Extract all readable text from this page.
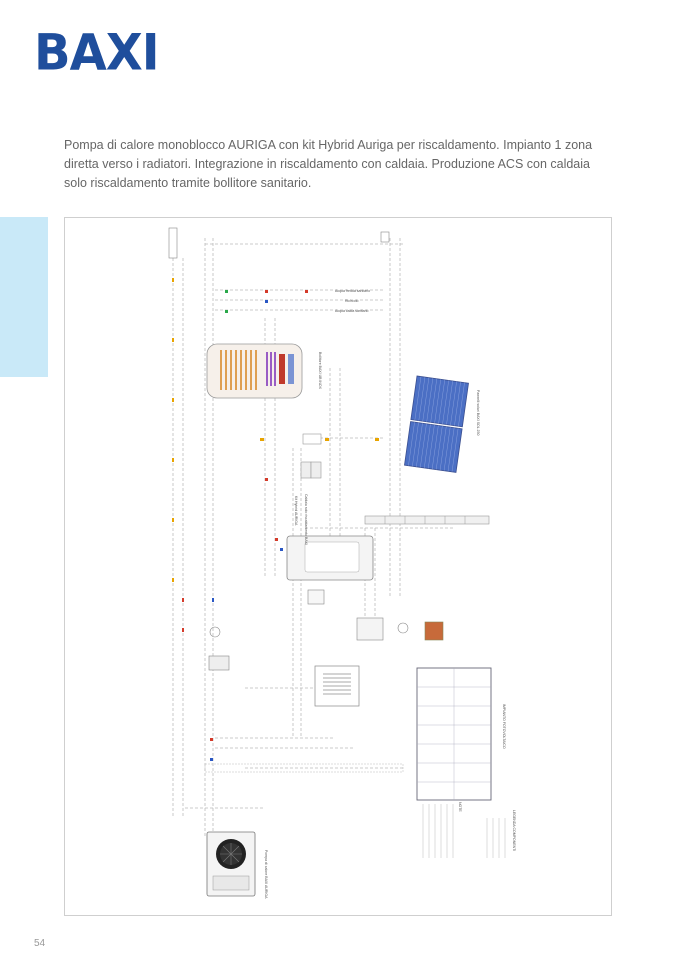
BAXI
Pompa di calore monoblocco AURIGA con kit Hybrid Auriga per riscaldamento. Impianto 1 zona diretta verso i radiatori. Integrazione in riscaldamento con caldaia. Produzione ACS con caldaia solo riscaldamento tramite bollitore sanitario.
Bollitore BAXI UB INOX
Acqua fredda sanitario
Ricircolo
Acqua calda sanitario
Pannelli solari BAXI SOL 250
Caldaia solo riscaldamento BAXI
Kit Hybrid AURIGA
IMPIANTO FOTOVOLTAICO
LEGENDA COMPONENTI
NOTE
Pompa di calore BAXI AURIGA
54
